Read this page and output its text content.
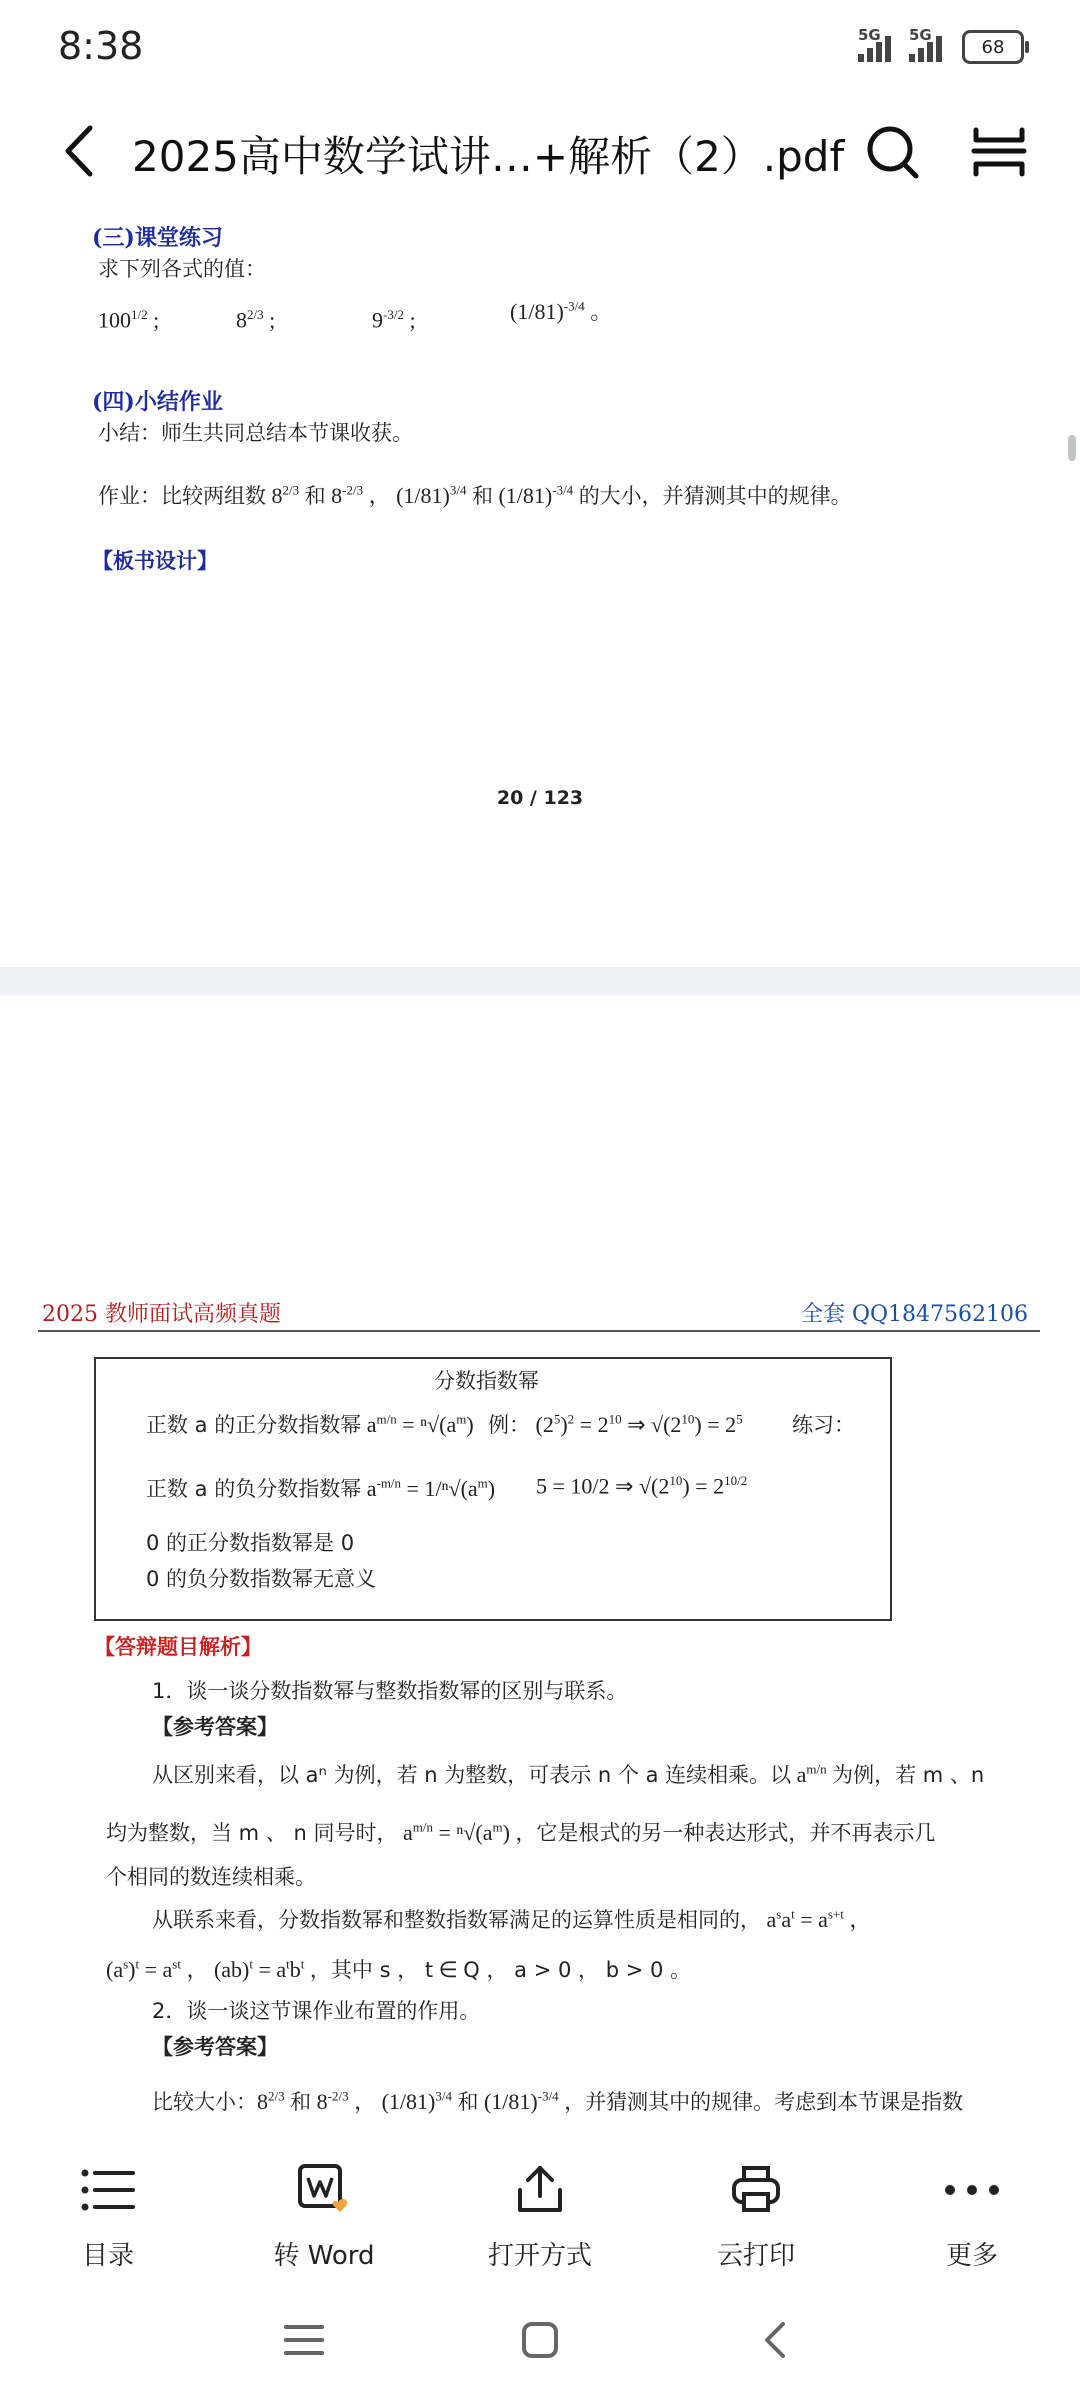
8:38	5G 5G
68
2025高中数学试讲…+解析（2）.pdf
(三)课堂练习
求下列各式的值：
$100^{1/2}$ ;	$8^{2/3}$ ;	$9^{-3/2}$ ;	$(1/81)^{-3/4}$ 。
(四)小结作业
小结：师生共同总结本节课收获。
作业：比较两组数 $8^{2/3}$ 和 $8^{-2/3}$ ， $(1/81)^{3/4}$ 和 $(1/81)^{-3/4}$ 的大小，并猜测其中的规律。
【板书设计】
20 / 123
2025 教师面试高频真题	全套 QQ1847562106
分数指数幂
正数 a 的正分数指数幂 $a^{m/n} = ^n√(a^m)$ 例： $(2^5)^2 = 2^{10}$ ⇒ $√(2^{10}) = 2^5$ 练习：
正数 a 的负分数指数幂 $a^{-m/n} = 1/^n√(a^m) 5 = 10/2$ ⇒ $√(2^{10}) = 2^{10/2}$
0 的正分数指数幂是 0
0 的负分数指数幂无意义
【答辩题目解析】
1．谈一谈分数指数幂与整数指数幂的区别与联系。
【参考答案】
从区别来看，以 aⁿ 为例，若 n 为整数，可表示 n 个 a 连续相乘。以 $a^{m/n}$ 为例，若 m 、n
均为整数，当 m 、 n 同号时， $a^{m/n} = ^n√(a^m)$ ，它是根式的另一种表达形式，并不再表示几
个相同的数连续相乘。
从联系来看，分数指数幂和整数指数幂满足的运算性质是相同的， $a^sa^t = a^{s+t}$ ，
$(a^s)^t = a^{st}$ ， $(ab)^t = a^tb^t$ ，其中 s ， t ∈ Q ， a > 0 ， b > 0 。
2．谈一谈这节课作业布置的作用。
【参考答案】
比较大小：$8^{2/3}$ 和 $8^{-2/3}$ ， $(1/81)^{3/4}$ 和 $(1/81)^{-3/4}$ ，并猜测其中的规律。考虑到本节课是指数
目录	转 Word	打开方式	云打印	更多
